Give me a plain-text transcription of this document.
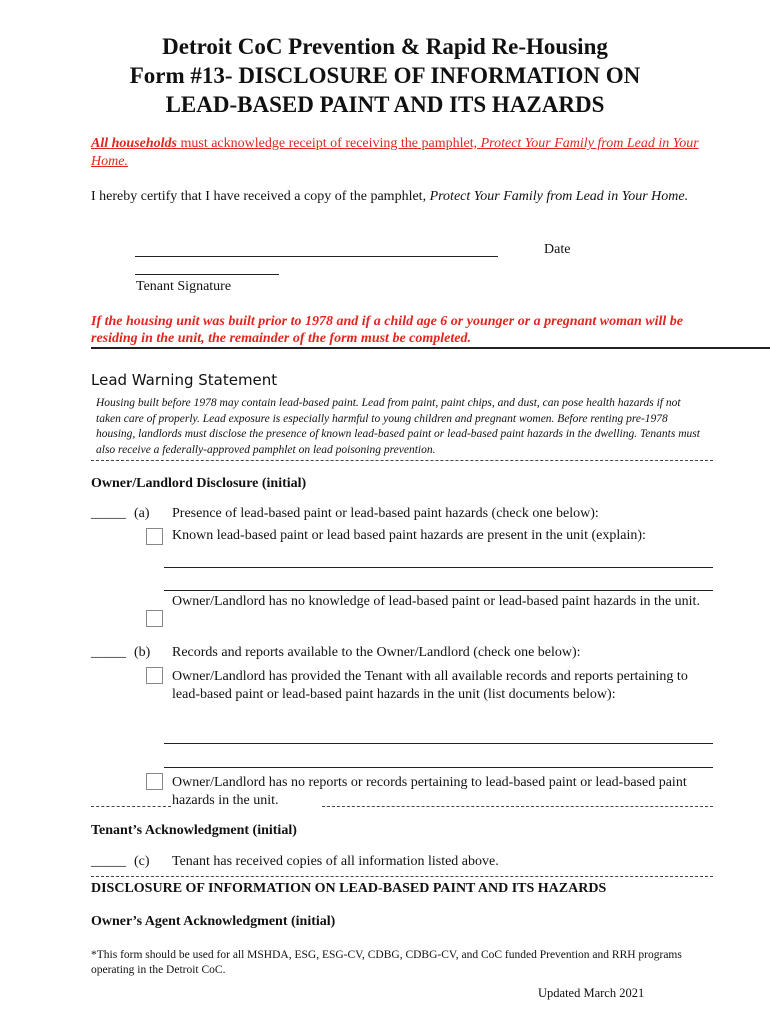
Detroit CoC Prevention & Rapid Re-Housing
Form #13- DISCLOSURE OF INFORMATION ON
LEAD-BASED PAINT AND ITS HAZARDS
All households must acknowledge receipt of receiving the pamphlet, Protect Your Family from Lead in Your Home.
I hereby certify that I have received a copy of the pamphlet, Protect Your Family from Lead in Your Home.
Date
Tenant Signature
If the housing unit was built prior to 1978 and if a child age 6 or younger or a pregnant woman will be residing in the unit, the remainder of the form must be completed.
Lead Warning Statement
Housing built before 1978 may contain lead-based paint. Lead from paint, paint chips, and dust, can pose health hazards if not taken care of properly. Lead exposure is especially harmful to young children and pregnant women. Before renting pre-1978 housing, landlords must disclose the presence of known lead-based paint or lead-based paint hazards in the dwelling. Tenants must also receive a federally-approved pamphlet on lead poisoning prevention.
Owner/Landlord Disclosure (initial)
_____ (a) Presence of lead-based paint or lead-based paint hazards (check one below):
Known lead-based paint or lead based paint hazards are present in the unit (explain):
Owner/Landlord has no knowledge of lead-based paint or lead-based paint hazards in the unit.
_____ (b) Records and reports available to the Owner/Landlord (check one below):
Owner/Landlord has provided the Tenant with all available records and reports pertaining to lead-based paint or lead-based paint hazards in the unit (list documents below):
Owner/Landlord has no reports or records pertaining to lead-based paint or lead-based paint hazards in the unit.
Tenant’s Acknowledgment (initial)
_____ (c) Tenant has received copies of all information listed above.
DISCLOSURE OF INFORMATION ON LEAD-BASED PAINT AND ITS HAZARDS
Owner’s Agent Acknowledgment (initial)
*This form should be used for all MSHDA, ESG, ESG-CV, CDBG, CDBG-CV, and CoC funded Prevention and RRH programs operating in the Detroit CoC.
Updated March 2021
